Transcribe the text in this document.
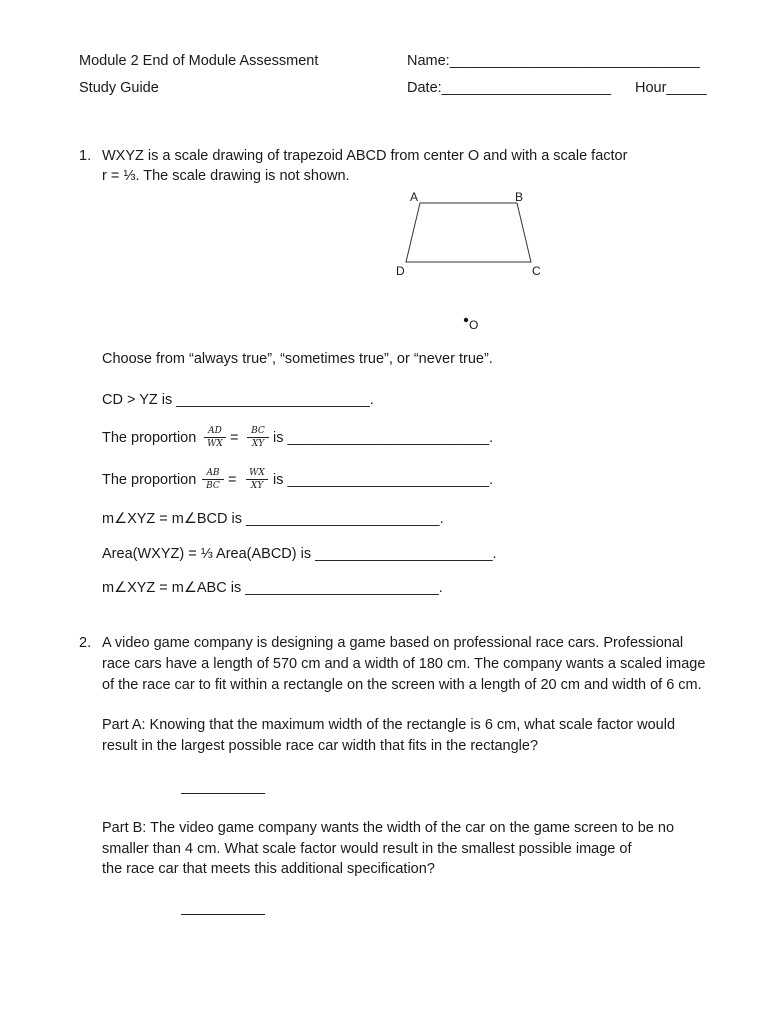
Module 2 End of Module Assessment
Study Guide
Name:_______________________________
Date:_____________________ Hour_____
1. WXYZ is a scale drawing of trapezoid ABCD from center O and with a scale factor
r = ⅓. The scale drawing is not shown.
A	B
D	C
O
Choose from “always true”, “sometimes true”, or “never true”.
CD > YZ is ________________________.
The proportion	AD
WX =	BC
XY is _________________________.
The proportion	AB
BC =	WX
XY is _________________________.
m∠XYZ = m∠BCD is ________________________.
Area(WXYZ) = ⅓ Area(ABCD) is ______________________.
m∠XYZ = m∠ABC is ________________________.
2. A video game company is designing a game based on professional race cars. Professional
race cars have a length of 570 cm and a width of 180 cm. The company wants a scaled image
of the race car to fit within a rectangle on the screen with a length of 20 cm and width of 6 cm.
Part A: Knowing that the maximum width of the rectangle is 6 cm, what scale factor would
result in the largest possible race car width that fits in the rectangle?
Part B: The video game company wants the width of the car on the game screen to be no
smaller than 4 cm. What scale factor would result in the smallest possible image of
the race car that meets this additional specification?
